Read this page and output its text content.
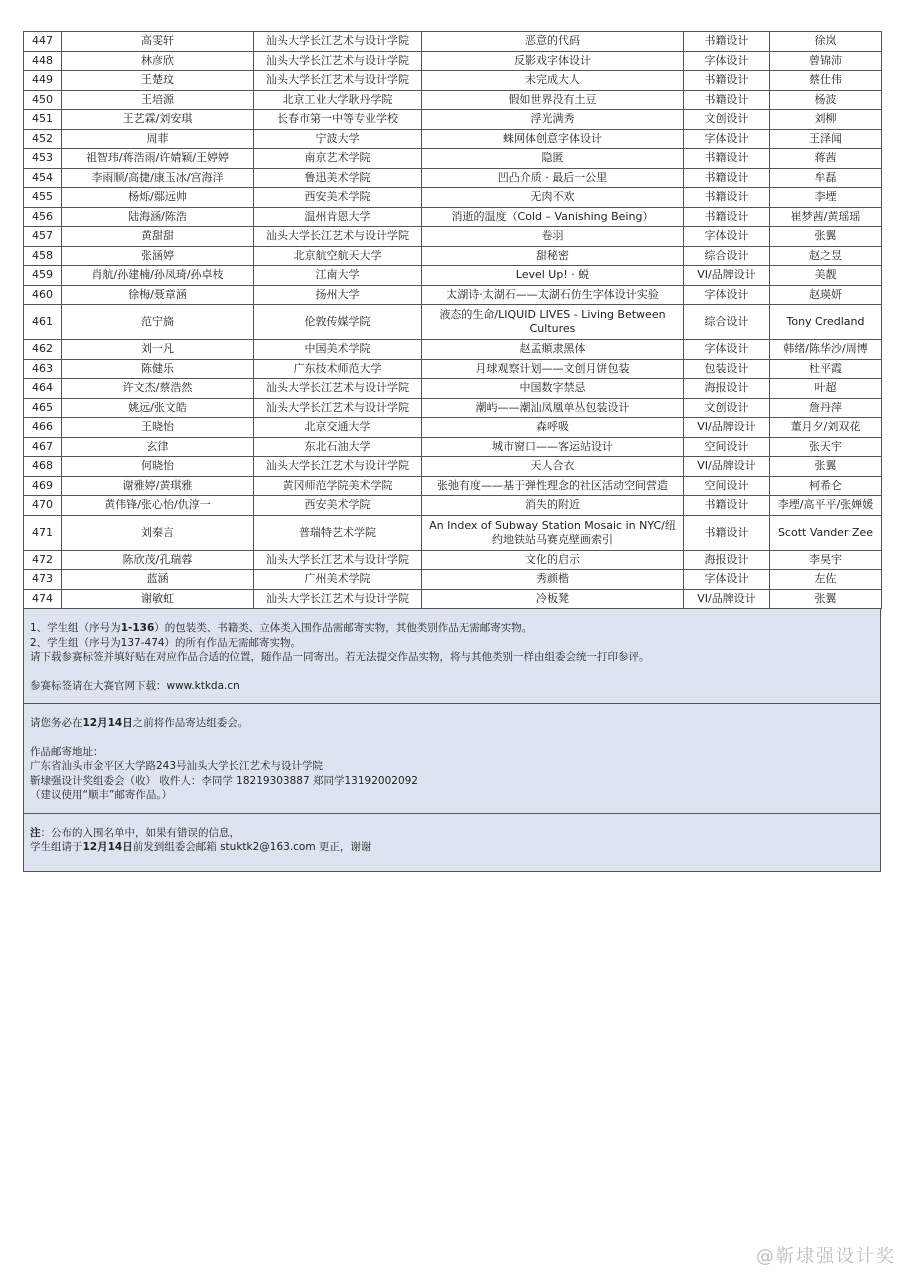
447	高雯轩	汕头大学长江艺术与设计学院	恶意的代码	书籍设计	徐岚
448	林彦欣	汕头大学长江艺术与设计学院	反影戏字体设计	字体设计	曾锦沛
449	王楚玟	汕头大学长江艺术与设计学院	未完成大人	书籍设计	蔡仕伟
450	王培源	北京工业大学耿丹学院	假如世界没有土豆	书籍设计	杨波
451	王艺霖/刘安琪	长春市第一中等专业学校	浮光满秀	文创设计	刘柳
452	周菲	宁波大学	蛛网体创意字体设计	字体设计	王泽闻
453	祖智玮/蒋浩雨/许婧颖/王婷婷	南京艺术学院	隐匿	书籍设计	蒋茜
454	李雨顺/高捷/康玉冰/宫海洋	鲁迅美术学院	凹凸介质 · 最后一公里	书籍设计	牟磊
455	杨烁/鄢远帅	西安美术学院	无肉不欢	书籍设计	李堙
456	陆海涵/陈浩	温州肯恩大学	消逝的温度（Cold – Vanishing Being）	书籍设计	崔梦茜/黄瑶瑶
457	黄甜甜	汕头大学长江艺术与设计学院	卷羽	字体设计	张翼
458	张涵婷	北京航空航天大学	甜秘密	综合设计	赵之昱
459	肖航/孙建楠/孙凤琦/孙卓枝	江南大学	Level Up! · 蜕	VI/品牌设计	美靓
460	徐梅/聂章涵	扬州大学	太湖诗·太湖石——太湖石仿生字体设计实验	字体设计	赵瑛妍
461	范宁旖	伦敦传媒学院	液态的生命/LIQUID LIVES - Living Between Cultures	综合设计	Tony Credland
462	刘一凡	中国美术学院	赵孟頫隶黑体	字体设计	韩绪/陈华沙/周博
463	陈健乐	广东技术师范大学	月球观察计划——文创月饼包装	包装设计	杜平霞
464	许文杰/蔡浩然	汕头大学长江艺术与设计学院	中国数字禁忌	海报设计	叶超
465	姚远/张文皓	汕头大学长江艺术与设计学院	潮屿——潮汕凤凰单丛包装设计	文创设计	詹丹萍
466	王晓怡	北京交通大学	森呼吸	VI/品牌设计	董月夕/刘双花
467	玄律	东北石油大学	城市窗口——客运站设计	空间设计	张天宇
468	何晓怡	汕头大学长江艺术与设计学院	天人合衣	VI/品牌设计	张翼
469	谢雅婷/黄琪雅	黄冈师范学院美术学院	张弛有度——基于弹性理念的社区活动空间营造	空间设计	柯希仑
470	黄伟锋/张心怡/仇淳一	西安美术学院	消失的附近	书籍设计	李堙/高平平/张婵媛
471	刘秦言	普瑞特艺术学院	An Index of Subway Station Mosaic in NYC/纽约地铁站马赛克壁画索引	书籍设计	Scott Vander Zee
472	陈欣茂/孔瑞蓉	汕头大学长江艺术与设计学院	文化的启示	海报设计	李昊宇
473	蓝涵	广州美术学院	秀颜楷	字体设计	左佐
474	谢敏虹	汕头大学长江艺术与设计学院	冷板凳	VI/品牌设计	张翼

1、学生组（序号为1-136）的包装类、书籍类、立体类入围作品需邮寄实物，其他类别作品无需邮寄实物。

2、学生组（序号为137-474）的所有作品无需邮寄实物。

请下载参赛标签并填好贴在对应作品合适的位置，随作品一同寄出。若无法提交作品实物，将与其他类别一样由组委会统一打印参评。

参赛标签请在大赛官网下载：www.ktkda.cn

请您务必在12月14日之前将作品寄达组委会。

作品邮寄地址：

广东省汕头市金平区大学路243号汕头大学长江艺术与设计学院

靳埭强设计奖组委会（收） 收件人：李同学 18219303887 郑同学13192002092

（建议使用“顺丰”邮寄作品。）

注：公布的入围名单中，如果有错误的信息，

学生组请于12月14日前发到组委会邮箱 stuktk2@163.com 更正，谢谢

@靳埭强设计奖
